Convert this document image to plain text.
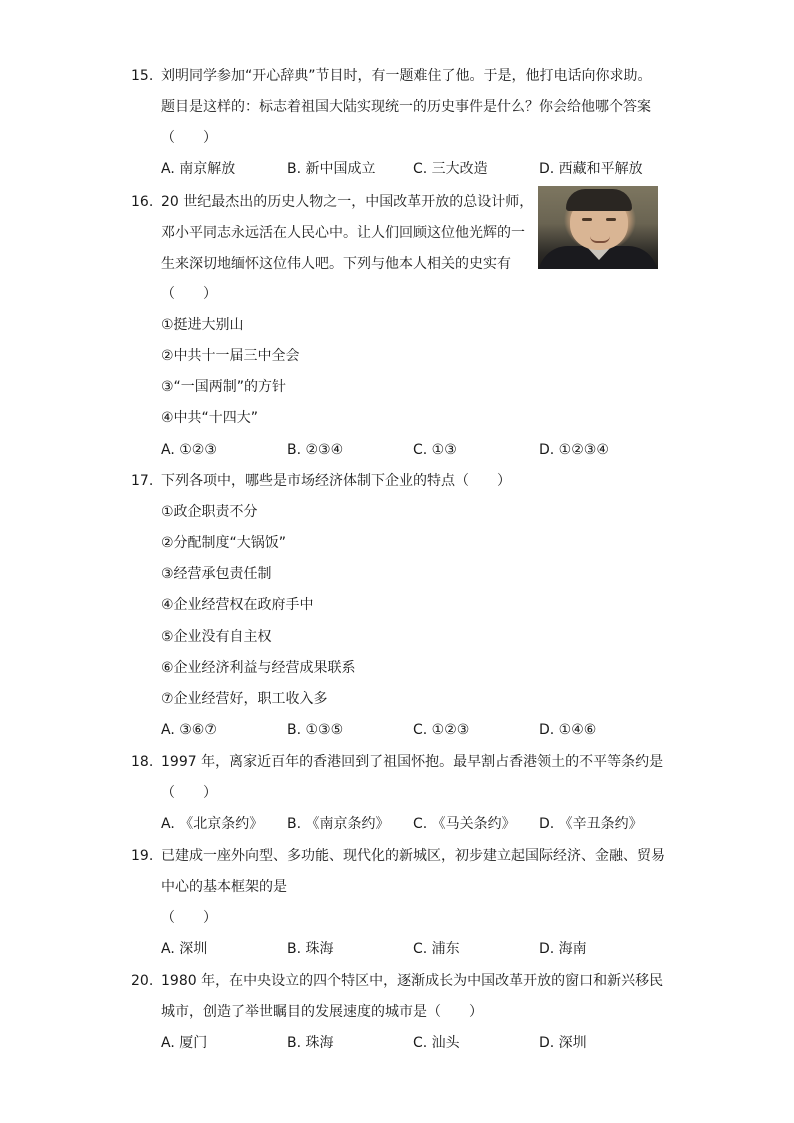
15. 刘明同学参加“开心辞典”节目时，有一题难住了他。于是，他打电话向你求助。
题目是这样的：标志着祖国大陆实现统一的历史事件是什么？你会给他哪个答案
（　　）
A. 南京解放	B. 新中国成立	C. 三大改造	D. 西藏和平解放
16. 20 世纪最杰出的历史人物之一，中国改革开放的总设计师，
邓小平同志永远活在人民心中。让人们回顾这位他光辉的一
生来深切地缅怀这位伟人吧。下列与他本人相关的史实有
（　　）
①挺进大别山
②中共十一届三中全会
③“一国两制”的方针
④中共“十四大”
A. ①②③	B. ②③④	C. ①③	D. ①②③④
17. 下列各项中，哪些是市场经济体制下企业的特点（　　）
①政企职责不分
②分配制度“大锅饭”
③经营承包责任制
④企业经营权在政府手中
⑤企业没有自主权
⑥企业经济利益与经营成果联系
⑦企业经营好，职工收入多
A. ③⑥⑦	B. ①③⑤	C. ①②③	D. ①④⑥
18. 1997 年，离家近百年的香港回到了祖国怀抱。最早割占香港领土的不平等条约是
（　　）
A. 《北京条约》 B. 《南京条约》 C. 《马关条约》 D. 《辛丑条约》
19. 已建成一座外向型、多功能、现代化的新城区，初步建立起国际经济、金融、贸易
中心的基本框架的是
（　　）
A. 深圳	B. 珠海	C. 浦东	D. 海南
20. 1980 年，在中央设立的四个特区中，逐渐成长为中国改革开放的窗口和新兴移民
城市，创造了举世瞩目的发展速度的城市是（　　）
A. 厦门	B. 珠海	C. 汕头	D. 深圳
